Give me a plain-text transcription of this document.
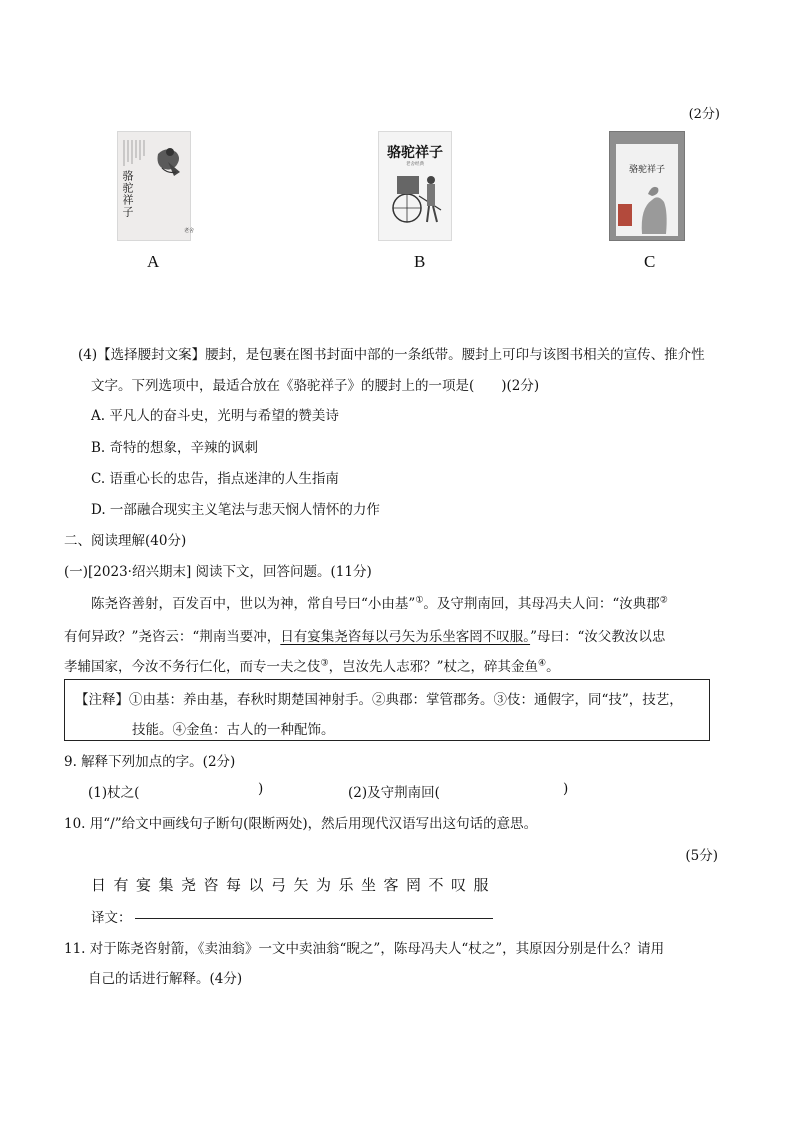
(2分)
老舍
骆驼祥子
A
骆驼祥子
老舍经典
B
骆驼祥子
C
(4)【选择腰封文案】腰封，是包裹在图书封面中部的一条纸带。腰封上可印与该图书相关的宣传、推介性
文字。下列选项中，最适合放在《骆驼祥子》的腰封上的一项是(　　)(2分)
A. 平凡人的奋斗史，光明与希望的赞美诗
B. 奇特的想象，辛辣的讽刺
C. 语重心长的忠告，指点迷津的人生指南
D. 一部融合现实主义笔法与悲天悯人情怀的力作
二、阅读理解(40分)
(一)[2023·绍兴期末] 阅读下文，回答问题。(11分)
陈尧咨善射，百发百中，世以为神，常自号曰“小由基”①。及守荆南回，其母冯夫人问：“汝典郡②
有何异政？”尧咨云：“荆南当要冲，日有宴集尧咨每以弓矢为乐坐客罔不叹服。”母曰：“汝父教汝以忠
孝辅国家，今汝不务行仁化，而专一夫之伎③，岂汝先人志邪？”杖之，碎其金鱼④。
【注释】①由基：养由基，春秋时期楚国神射手。②典郡：掌管郡务。③伎：通假字，同“技”，技艺，
技能。④金鱼：古人的一种配饰。
9. 解释下列加点的字。(2分)
(1)杖之(	)	(2)及守荆南回(	)
10. 用“/”给文中画线句子断句(限断两处)，然后用现代汉语写出这句话的意思。
(5分)
日有宴集尧咨每以弓矢为乐坐客罔不叹服
译文：
11. 对于陈尧咨射箭，《卖油翁》一文中卖油翁“睨之”，陈母冯夫人“杖之”，其原因分别是什么？请用
自己的话进行解释。(4分)
